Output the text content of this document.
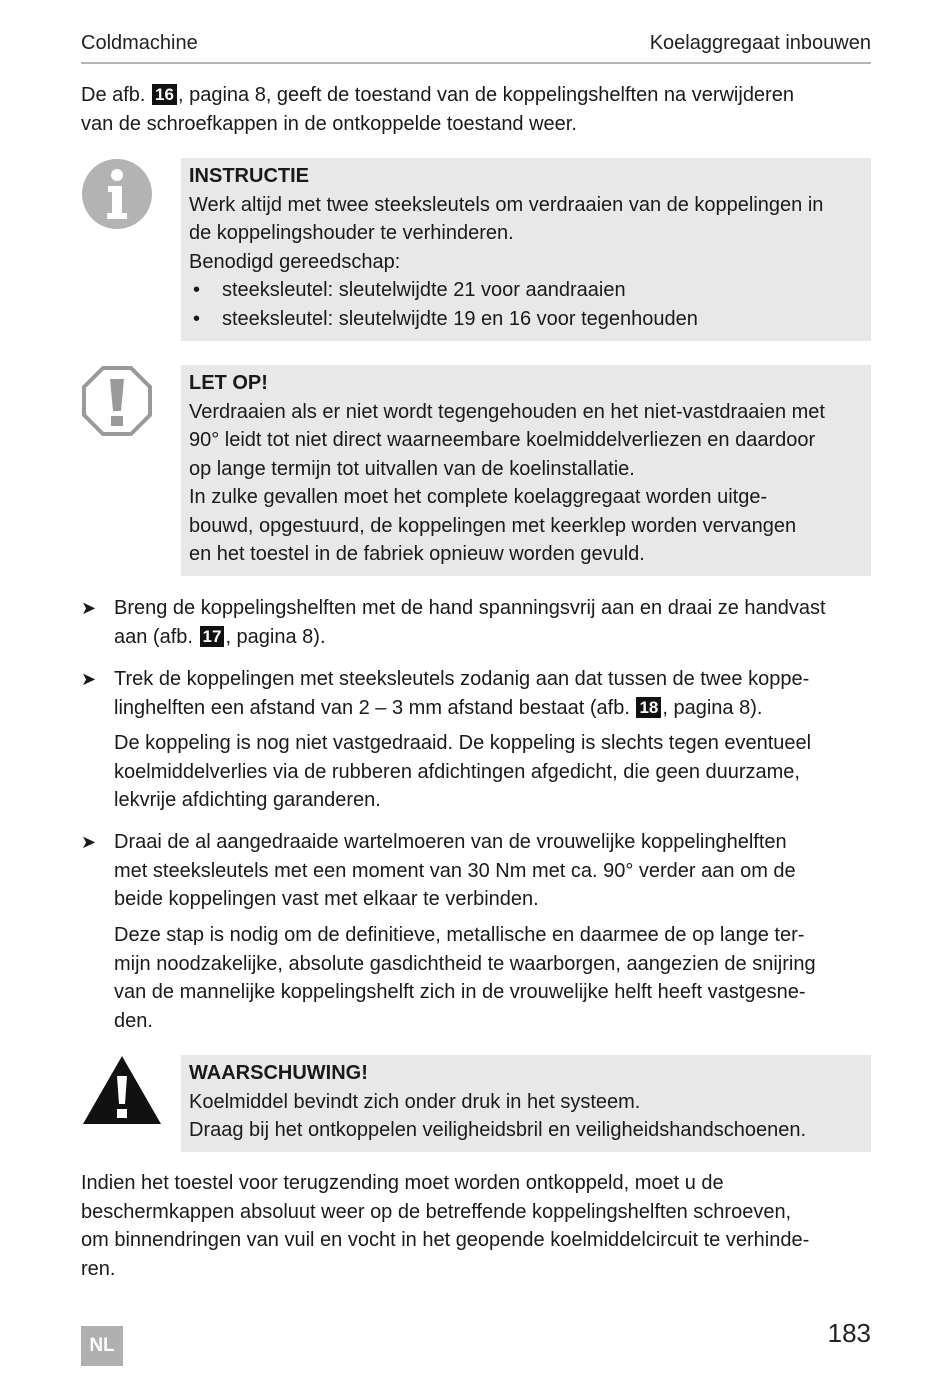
Coldmachine	Koelaggregaat inbouwen

De afb. 16 , pagina 8, geeft de toestand van de koppelingshelften na verwijderen
van de schroefkappen in de ontkoppelde toestand weer.

INSTRUCTIE
Werk altijd met twee steeksleutels om verdraaien van de koppelingen in
de koppelingshouder te verhinderen.
Benodigd gereedschap:
• steeksleutel: sleutelwijdte 21 voor aandraaien
• steeksleutel: sleutelwijdte 19 en 16 voor tegenhouden
LET OP!
Verdraaien als er niet wordt tegengehouden en het niet-vastdraaien met
90° leidt tot niet direct waarneembare koelmiddelverliezen en daardoor
op lange termijn tot uitvallen van de koelinstallatie.
In zulke gevallen moet het complete koelaggregaat worden uitge-
bouwd, opgestuurd, de koppelingen met keerklep worden vervangen
en het toestel in de fabriek opnieuw worden gevuld.
➤ Breng de koppelingshelften met de hand spanningsvrij aan en draai ze handvast
aan (afb. 17 , pagina 8).
➤ Trek de koppelingen met steeksleutels zodanig aan dat tussen de twee koppe-
linghelften een afstand van 2 – 3 mm afstand bestaat (afb. 18 , pagina 8).

De koppeling is nog niet vastgedraaid. De koppeling is slechts tegen eventueel
koelmiddelverlies via de rubberen afdichtingen afgedicht, die geen duurzame,
lekvrije afdichting garanderen.

➤ Draai de al aangedraaide wartelmoeren van de vrouwelijke koppelinghelften
met steeksleutels met een moment van 30 Nm met ca. 90° verder aan om de
beide koppelingen vast met elkaar te verbinden.

Deze stap is nodig om de definitieve, metallische en daarmee de op lange ter-
mijn noodzakelijke, absolute gasdichtheid te waarborgen, aangezien de snijring
van de mannelijke koppelingshelft zich in de vrouwelijke helft heeft vastgesne-
den.

WAARSCHUWING!
Koelmiddel bevindt zich onder druk in het systeem.
Draag bij het ontkoppelen veiligheidsbril en veiligheidshandschoenen.

Indien het toestel voor terugzending moet worden ontkoppeld, moet u de
beschermkappen absoluut weer op de betreffende koppelingshelften schroeven,
om binnendringen van vuil en vocht in het geopende koelmiddelcircuit te verhinde-
ren.

NL	183
